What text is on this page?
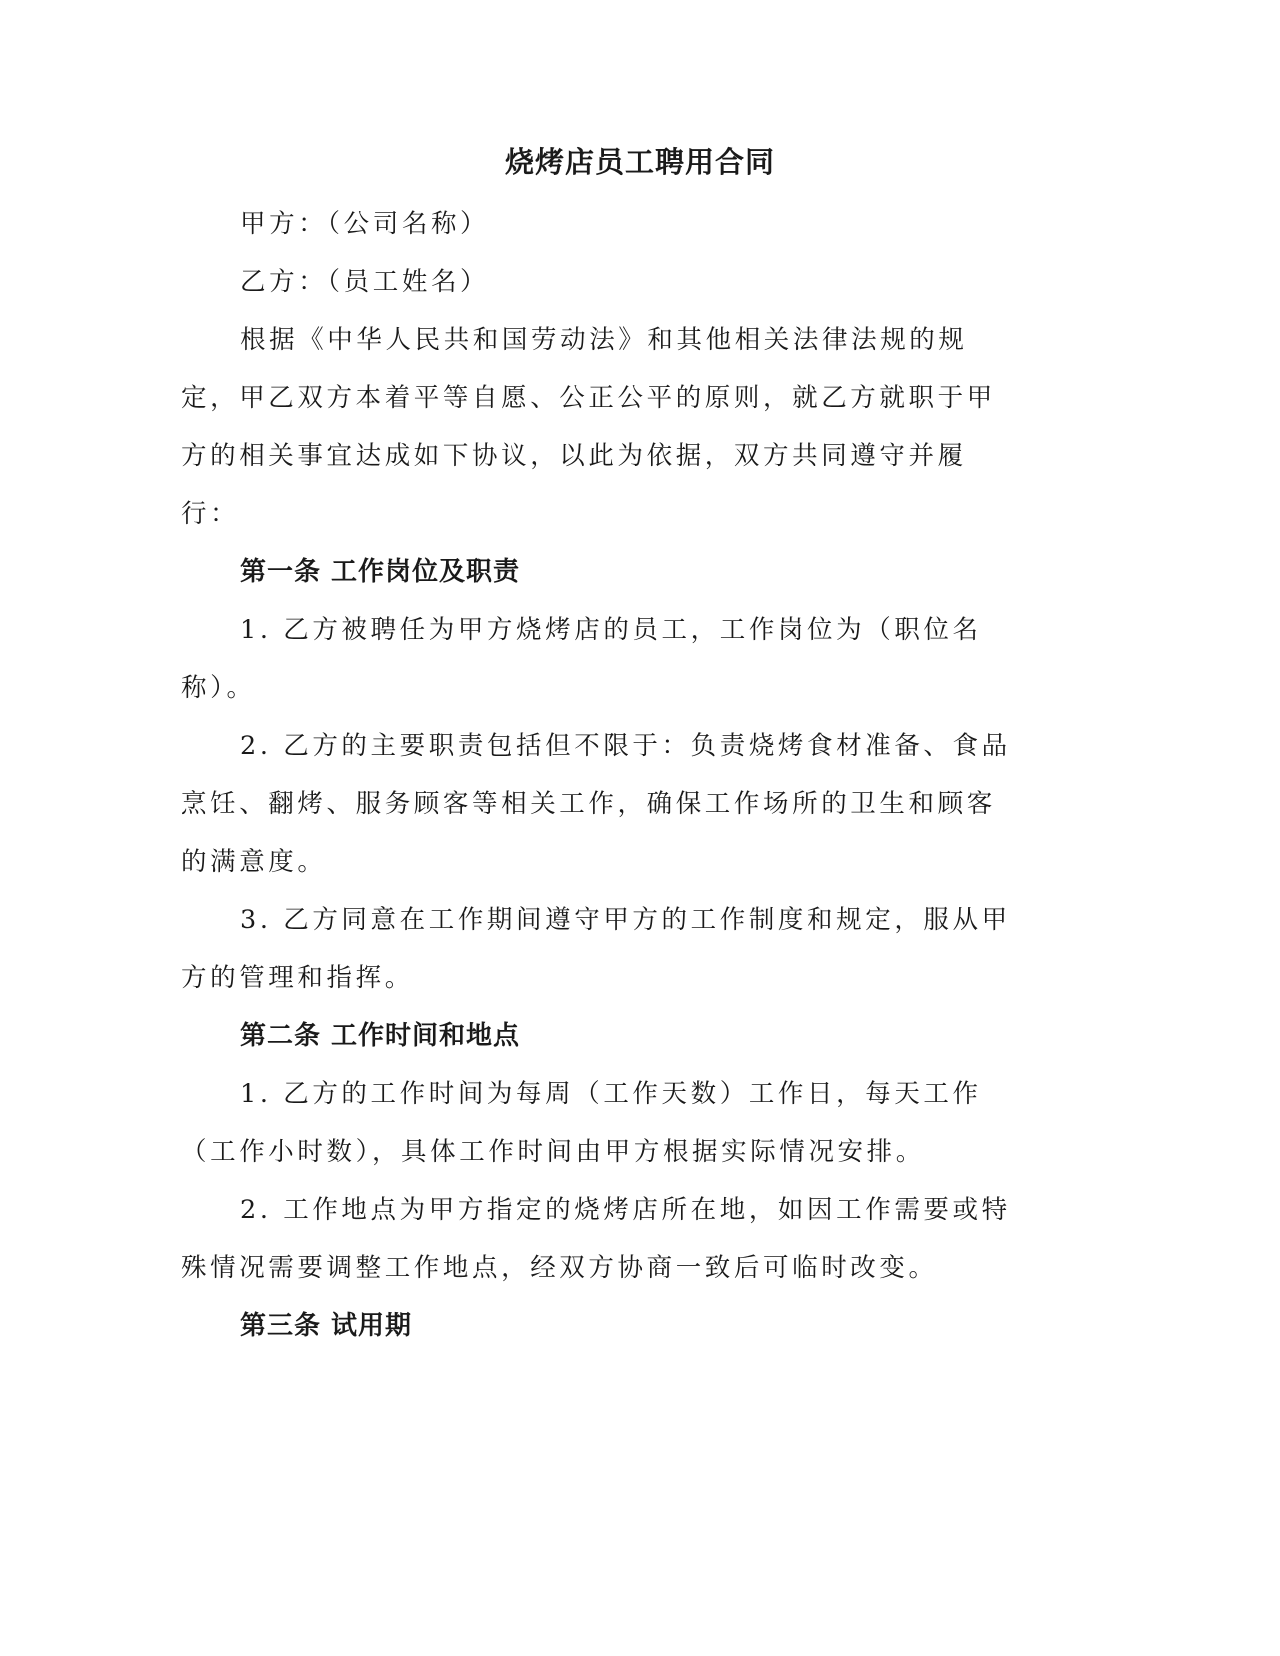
烧烤店员工聘用合同
甲方：（公司名称）
乙方：（员工姓名）
根据《中华人民共和国劳动法》和其他相关法律法规的规
定，甲乙双方本着平等自愿、公正公平的原则，就乙方就职于甲
方的相关事宜达成如下协议，以此为依据，双方共同遵守并履
行：
第一条 工作岗位及职责
1. 乙方被聘任为甲方烧烤店的员工，工作岗位为（职位名
称）。
2. 乙方的主要职责包括但不限于：负责烧烤食材准备、食品
烹饪、翻烤、服务顾客等相关工作，确保工作场所的卫生和顾客
的满意度。
3. 乙方同意在工作期间遵守甲方的工作制度和规定，服从甲
方的管理和指挥。
第二条 工作时间和地点
1. 乙方的工作时间为每周（工作天数）工作日，每天工作
（工作小时数），具体工作时间由甲方根据实际情况安排。
2. 工作地点为甲方指定的烧烤店所在地，如因工作需要或特
殊情况需要调整工作地点，经双方协商一致后可临时改变。
第三条 试用期
